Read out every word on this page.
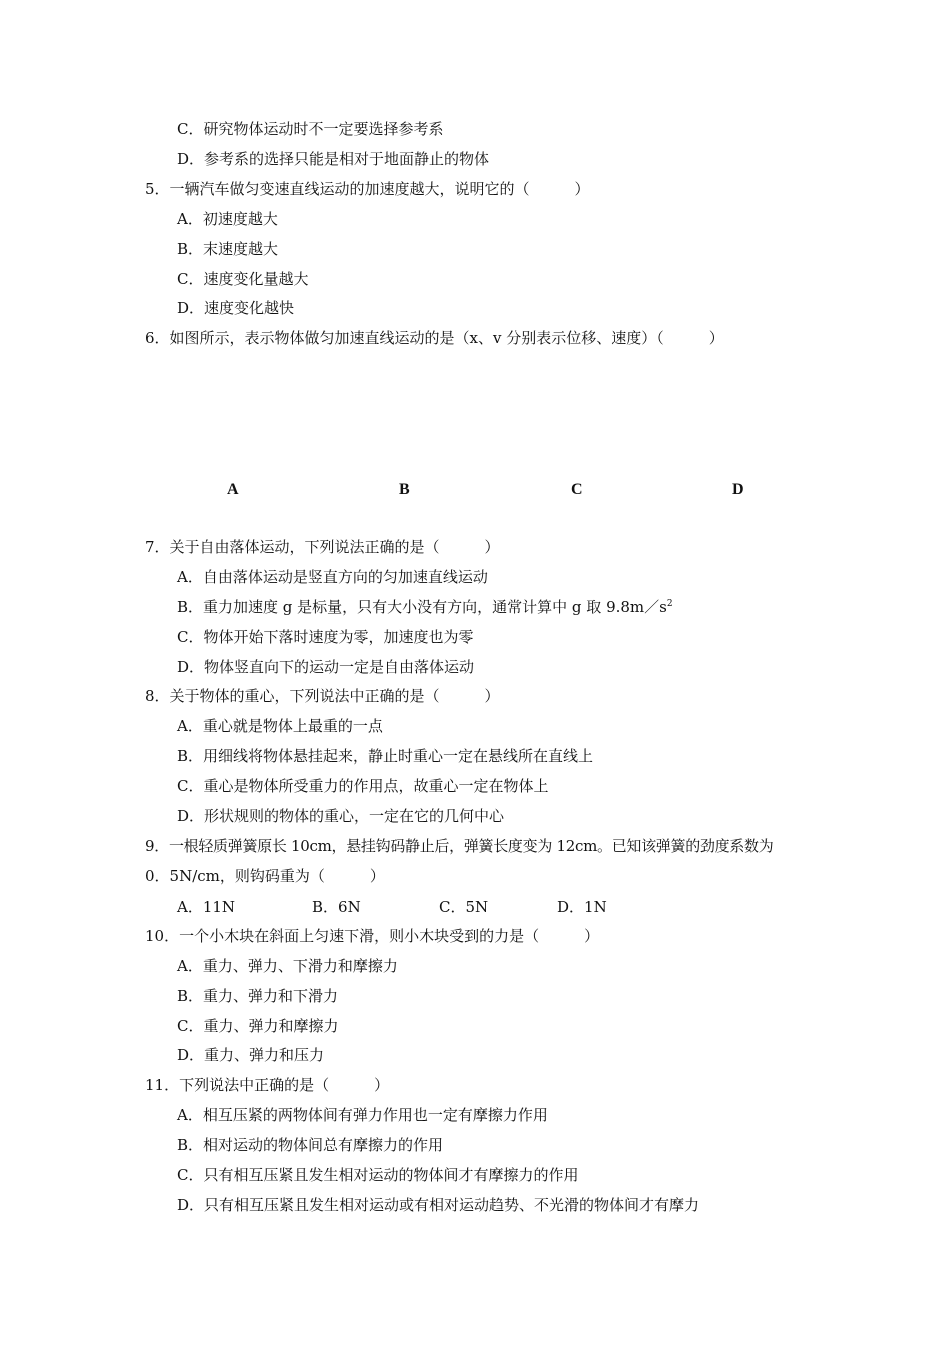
C．研究物体运动时不一定要选择参考系
D．参考系的选择只能是相对于地面静止的物体
5．一辆汽车做匀变速直线运动的加速度越大，说明它的（　　　）
A．初速度越大
B．末速度越大
C．速度变化量越大
D．速度变化越快
6．如图所示，表示物体做匀加速直线运动的是（x、v 分别表示位移、速度）（　　　）
A	B	C	D
7．关于自由落体运动，下列说法正确的是（　　　）
A．自由落体运动是竖直方向的匀加速直线运动
B．重力加速度 g 是标量，只有大小没有方向，通常计算中 g 取 $9.8m/s^2$
C．物体开始下落时速度为零，加速度也为零
D．物体竖直向下的运动一定是自由落体运动
8．关于物体的重心，下列说法中正确的是（　　　）
A．重心就是物体上最重的一点
B．用细线将物体悬挂起来，静止时重心一定在悬线所在直线上
C．重心是物体所受重力的作用点，故重心一定在物体上
D．形状规则的物体的重心，一定在它的几何中心
9．一根轻质弹簧原长 10cm，悬挂钩码静止后，弹簧长度变为 12cm。已知该弹簧的劲度系数为
0．5N/cm，则钩码重为（　　　）
A．11N	B．6N	C．5N	D．1N
10．一个小木块在斜面上匀速下滑，则小木块受到的力是（　　　）
A．重力、弹力、下滑力和摩擦力
B．重力、弹力和下滑力
C．重力、弹力和摩擦力
D．重力、弹力和压力
11．下列说法中正确的是（　　　）
A．相互压紧的两物体间有弹力作用也一定有摩擦力作用
B．相对运动的物体间总有摩擦力的作用
C．只有相互压紧且发生相对运动的物体间才有摩擦力的作用
D．只有相互压紧且发生相对运动或有相对运动趋势、不光滑的物体间才有摩力
